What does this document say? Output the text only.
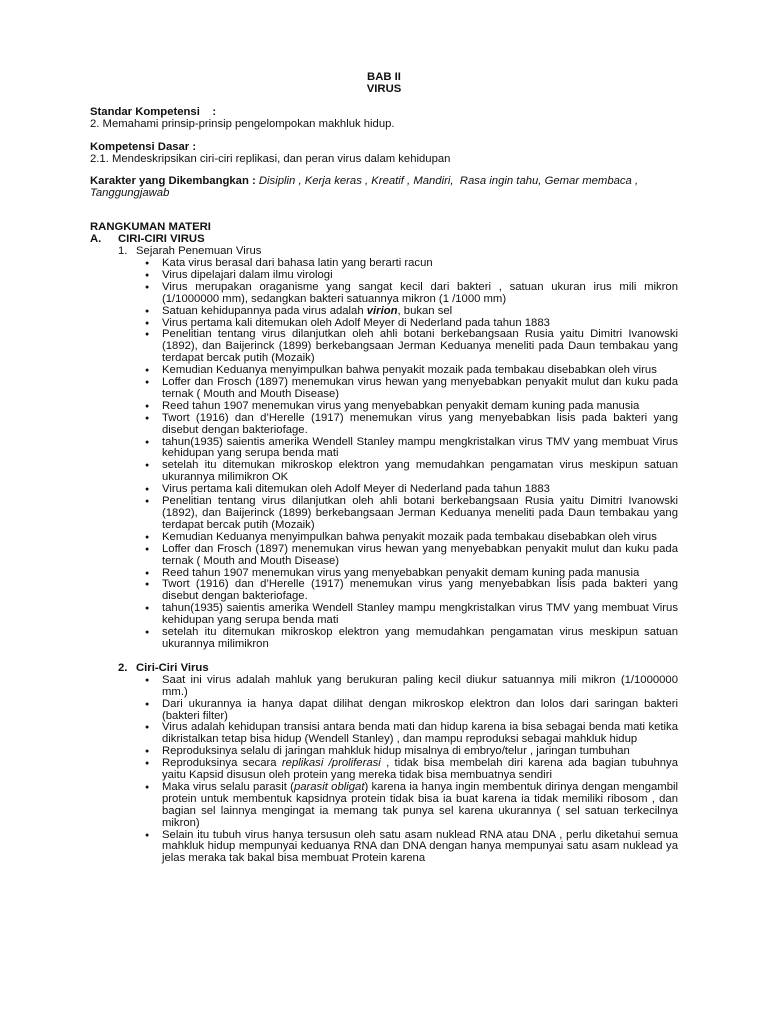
BAB II
VIRUS
Standar Kompetensi    :
2. Memahami prinsip-prinsip pengelompokan makhluk hidup.
Kompetensi Dasar :
2.1. Mendeskripsikan ciri-ciri replikasi, dan peran virus dalam kehidupan
Karakter yang Dikembangkan : Disiplin , Kerja keras , Kreatif , Mandiri,  Rasa ingin tahu, Gemar membaca , Tanggungjawab
RANGKUMAN MATERI
A. CIRI-CIRI VIRUS
1. Sejarah Penemuan Virus
● Kata virus berasal dari bahasa latin yang berarti racun
● Virus dipelajari dalam ilmu virologi
● Virus merupakan oraganisme yang sangat kecil dari bakteri , satuan ukuran irus mili mikron (1/1000000 mm), sedangkan bakteri satuannya mikron (1 /1000 mm)
● Satuan kehidupannya pada virus adalah virion, bukan sel
● Virus pertama kali ditemukan oleh Adolf Meyer di Nederland pada tahun 1883
● Penelitian tentang virus dilanjutkan oleh ahli botani berkebangsaan Rusia yaitu Dimitri Ivanowski (1892), dan Baijerinck (1899) berkebangsaan Jerman Keduanya meneliti pada Daun tembakau yang terdapat bercak putih (Mozaik)
● Kemudian Keduanya menyimpulkan bahwa penyakit mozaik pada tembakau disebabkan oleh virus
● Loffer dan Frosch (1897) menemukan virus hewan yang menyebabkan penyakit mulut dan kuku pada ternak ( Mouth and Mouth Disease)
● Reed tahun 1907 menemukan virus yang menyebabkan penyakit demam kuning pada manusia
● Twort (1916) dan d’Herelle (1917) menemukan virus yang menyebabkan lisis pada bakteri yang disebut dengan bakteriofage.
● tahun(1935) saientis amerika Wendell Stanley mampu mengkristalkan virus TMV yang membuat Virus kehidupan yang serupa benda mati
● setelah itu ditemukan mikroskop elektron yang memudahkan pengamatan virus meskipun satuan ukurannya milimikron OK
● Virus pertama kali ditemukan oleh Adolf Meyer di Nederland pada tahun 1883
● Penelitian tentang virus dilanjutkan oleh ahli botani berkebangsaan Rusia yaitu Dimitri Ivanowski (1892), dan Baijerinck (1899) berkebangsaan Jerman Keduanya meneliti pada Daun tembakau yang terdapat bercak putih (Mozaik)
● Kemudian Keduanya menyimpulkan bahwa penyakit mozaik pada tembakau disebabkan oleh virus
● Loffer dan Frosch (1897) menemukan virus hewan yang menyebabkan penyakit mulut dan kuku pada ternak ( Mouth and Mouth Disease)
● Reed tahun 1907 menemukan virus yang menyebabkan penyakit demam kuning pada manusia
● Twort (1916) dan d’Herelle (1917) menemukan virus yang menyebabkan lisis pada bakteri yang disebut dengan bakteriofage.
● tahun(1935) saientis amerika Wendell Stanley mampu mengkristalkan virus TMV yang membuat Virus kehidupan yang serupa benda mati
● setelah itu ditemukan mikroskop elektron yang memudahkan pengamatan virus meskipun satuan ukurannya milimikron
2. Ciri-Ciri Virus
● Saat ini virus adalah mahluk yang berukuran paling kecil diukur satuannya mili mikron (1/1000000 mm.)
● Dari ukurannya ia hanya dapat dilihat dengan mikroskop elektron dan lolos dari saringan bakteri (bakteri filter)
● Virus adalah kehidupan transisi antara benda mati dan hidup karena ia bisa sebagai benda mati ketika dikristalkan tetap bisa hidup (Wendell Stanley) , dan mampu reproduksi sebagai mahkluk hidup
● Reproduksinya selalu di jaringan mahkluk hidup misalnya di embryo/telur , jaringan tumbuhan
● Reproduksinya secara replikasi /proliferasi , tidak bisa membelah diri karena ada bagian tubuhnya yaitu Kapsid disusun oleh protein yang mereka tidak bisa membuatnya sendiri
● Maka virus selalu parasit (parasit obligat) karena ia hanya ingin membentuk dirinya dengan mengambil protein untuk membentuk kapsidnya protein tidak bisa ia buat karena ia tidak memiliki ribosom , dan bagian sel lainnya mengingat ia memang tak punya sel karena ukurannya ( sel satuan terkecilnya mikron)
● Selain itu tubuh virus hanya tersusun oleh satu asam nuklead RNA atau DNA , perlu diketahui semua mahkluk hidup mempunyai keduanya RNA dan DNA dengan hanya mempunyai satu asam nuklead ya jelas meraka tak bakal bisa membuat Protein karena
